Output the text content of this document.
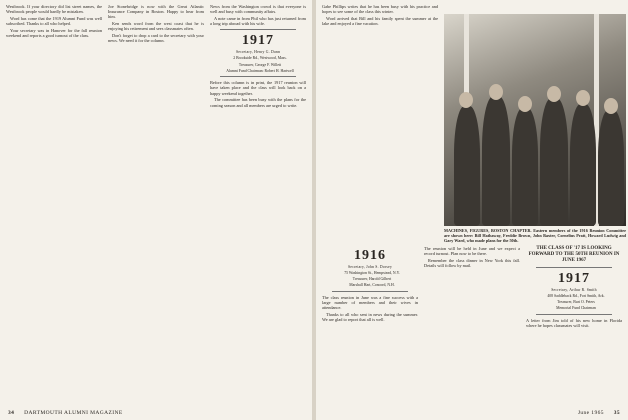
Westbrook. If your directory did list street names, the Westbrook people would hardly be mistaken.

Word has come that the 1919 Alumni Fund was well subscribed. Thanks to all who helped.

Your secretary was in Hanover for the fall reunion weekend and reports a good turnout of the class.

Joe Stonebridge is now with the Great Atlantic Insurance Company in Boston. Happy to hear from him.

Ken sends word from the west coast that he is enjoying his retirement and sees classmates often.

Don't forget to drop a card to the secretary with your news. We need it for the column.

News from the Washington crowd is that everyone is well and busy with community affairs.

A note came in from Phil who has just returned from a long trip abroad with his wife.

1917

Secretary, Henry G. Dann

2 Brookside Rd., Westwood, Mass.

Treasurer, George F. Willett

Alumni Fund Chairman: Robert H. Hartwell

Before this column is in print, the 1917 reunion will have taken place and the class will look back on a happy weekend together.

The committee has been busy with the plans for the coming season and all members are urged to write.

34 DARTMOUTH ALUMNI MAGAZINE

Gabe Phillips writes that he has been busy with his practice and hopes to see some of the class this winter.

Word arrived that Bill and his family spent the summer at the lake and enjoyed a fine vacation.

MACHINES, FIGURES, BOSTON CHAPTER. Eastern members of the 1916 Reunion Committee are shown here: Bill Hathaway, Freddie Brown, John Baxter, Cornelius Pratt, Howard Ludwig and Gary Ward, who made plans for the 50th.
1916

Secretary, John S. Dorsey

75 Washington St., Hempstead, N.Y.

Treasurer, Harold Gilbert

Marshall Hart, Concord, N.H.

The class reunion in June was a fine success with a large number of members and their wives in attendance.

Thanks to all who sent in news during the summer. We are glad to report that all is well.

The reunion will be held in June and we expect a record turnout. Plan now to be there.

Remember the class dinner in New York this fall. Details will follow by mail.

THE CLASS OF '17 IS LOOKING FORWARD TO THE 50TH REUNION IN JUNE 1967

1917

Secretary, Arthur R. Smith

408 Saddleback Rd., Fort Smith, Ark.

Treasurer, Burt O. Peters

Memorial Fund Chairman

A letter from Jim told of his new home in Florida where he hopes classmates will visit.

June 1965 35
